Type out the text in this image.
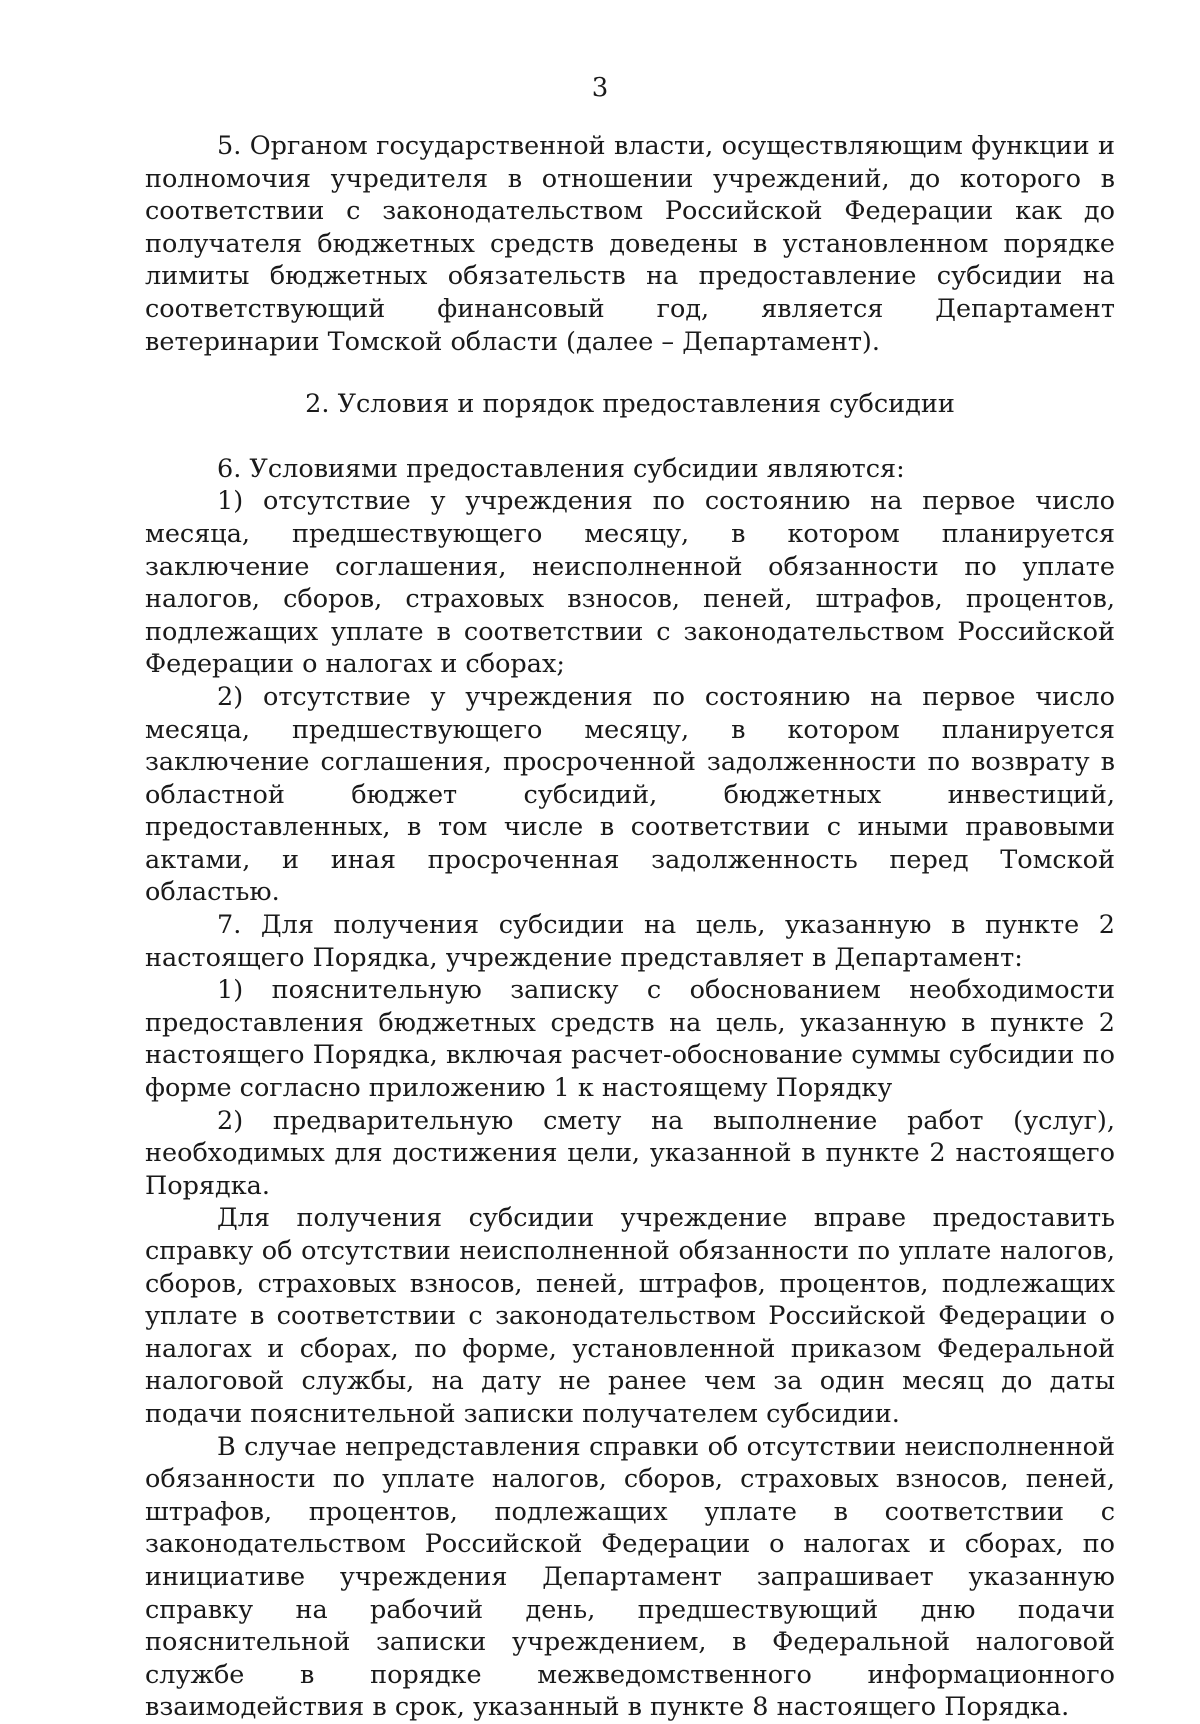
3

5. Органом государственной власти, осуществляющим функции и полномочия учредителя в отношении учреждений, до которого в соответствии с законодательством Российской Федерации как до получателя бюджетных средств доведены в установленном порядке лимиты бюджетных обязательств на предоставление субсидии на соответствующий финансовый год, является Департамент ветеринарии Томской области (далее – Департамент).

2. Условия и порядок предоставления субсидии

6. Условиями предоставления субсидии являются:

1) отсутствие у учреждения по состоянию на первое число месяца, предшествующего месяцу, в котором планируется заключение соглашения, неисполненной обязанности по уплате налогов, сборов, страховых взносов, пеней, штрафов, процентов, подлежащих уплате в соответствии с законодательством Российской Федерации о налогах и сборах;

2) отсутствие у учреждения по состоянию на первое число месяца, предшествующего месяцу, в котором планируется заключение соглашения, просроченной задолженности по возврату в областной бюджет субсидий, бюджетных инвестиций, предоставленных, в том числе в соответствии с иными правовыми актами, и иная просроченная задолженность перед Томской областью.

7. Для получения субсидии на цель, указанную в пункте 2 настоящего Порядка, учреждение представляет в Департамент:

1) пояснительную записку с обоснованием необходимости предоставления бюджетных средств на цель, указанную в пункте 2 настоящего Порядка, включая расчет-обоснование суммы субсидии по форме согласно приложению 1 к настоящему Порядку

2) предварительную смету на выполнение работ (услуг), необходимых для достижения цели, указанной в пункте 2 настоящего Порядка.

Для получения субсидии учреждение вправе предоставить справку об отсутствии неисполненной обязанности по уплате налогов, сборов, страховых взносов, пеней, штрафов, процентов, подлежащих уплате в соответствии с законодательством Российской Федерации о налогах и сборах, по форме, установленной приказом Федеральной налоговой службы, на дату не ранее чем за один месяц до даты подачи пояснительной записки получателем субсидии.

В случае непредставления справки об отсутствии неисполненной обязанности по уплате налогов, сборов, страховых взносов, пеней, штрафов, процентов, подлежащих уплате в соответствии с законодательством Российской Федерации о налогах и сборах, по инициативе учреждения Департамент запрашивает указанную справку на рабочий день, предшествующий дню подачи пояснительной записки учреждением, в Федеральной налоговой службе в порядке межведомственного информационного взаимодействия в срок, указанный в пункте 8 настоящего Порядка.
